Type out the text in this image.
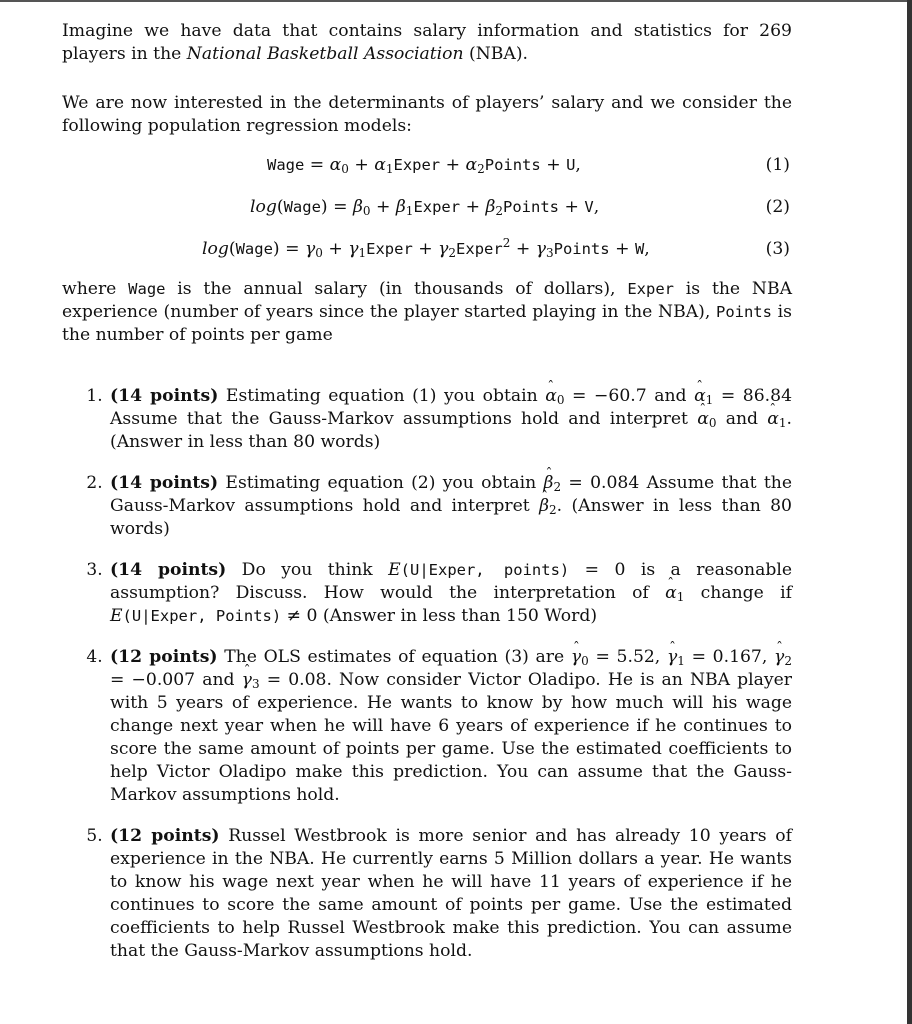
Imagine we have data that contains salary information and statistics for 269 players in the National Basketball Association (NBA).

We are now interested in the determinants of players’ salary and we consider the following population regression models:

Wage = $\alpha_0$ + $\alpha_1Exper$ + $\alpha_2Points + U$,	(1)
log(Wage) = $\beta_0$ + $\beta_1Exper$ + $\beta_2Points + V$,	(2)
log(Wage) = $\gamma_0$ + $\gamma_1Exper$ + $\gamma_2Exper^2$ + $\gamma_3Points + W$,	(3)

where Wage is the annual salary (in thousands of dollars), Exper is the NBA experience (number of years since the player started playing in the NBA), Points is the number of points per game

1. (14 points) Estimating equation (1) you obtain ˆ $\alpha_0 = -60.7$ and ˆ $\alpha_1 = 86.84$ Assume that the Gauss-Markov assumptions hold and interpret ˆ $\alpha_0$ and ˆ $\alpha_1$. (Answer in less than 80 words)
2. (14 points) Estimating equation (2) you obtain ˆ $\beta_2 = 0.084$ Assume that the Gauss-Markov assumptions hold and interpret ˆ $\beta_2$. (Answer in less than 80 words)
3. (14 points) Do you think E(U|Exper, points) = 0 is a reasonable assumption? Discuss. How would the interpretation of ˆ $\alpha_1$ change if E(U|Exper, Points) ≠ 0 (Answer in less than 150 Word)
4. (12 points) The OLS estimates of equation (3) are ˆ $\gamma_0 = 5.52$, ˆ $\gamma_1 = 0.167$, ˆ $\gamma_2 = -0.007$ and ˆ $\gamma_3 = 0.08$. Now consider Victor Oladipo. He is an NBA player with 5 years of experience. He wants to know by how much will his wage change next year when he will have 6 years of experience if he continues to score the same amount of points per game. Use the estimated coefficients to help Victor Oladipo make this prediction. You can assume that the Gauss-Markov assumptions hold.
5. (12 points) Russel Westbrook is more senior and has already 10 years of experience in the NBA. He currently earns 5 Million dollars a year. He wants to know his wage next year when he will have 11 years of experience if he continues to score the same amount of points per game. Use the estimated coefficients to help Russel Westbrook make this prediction. You can assume that the Gauss-Markov assumptions hold.
